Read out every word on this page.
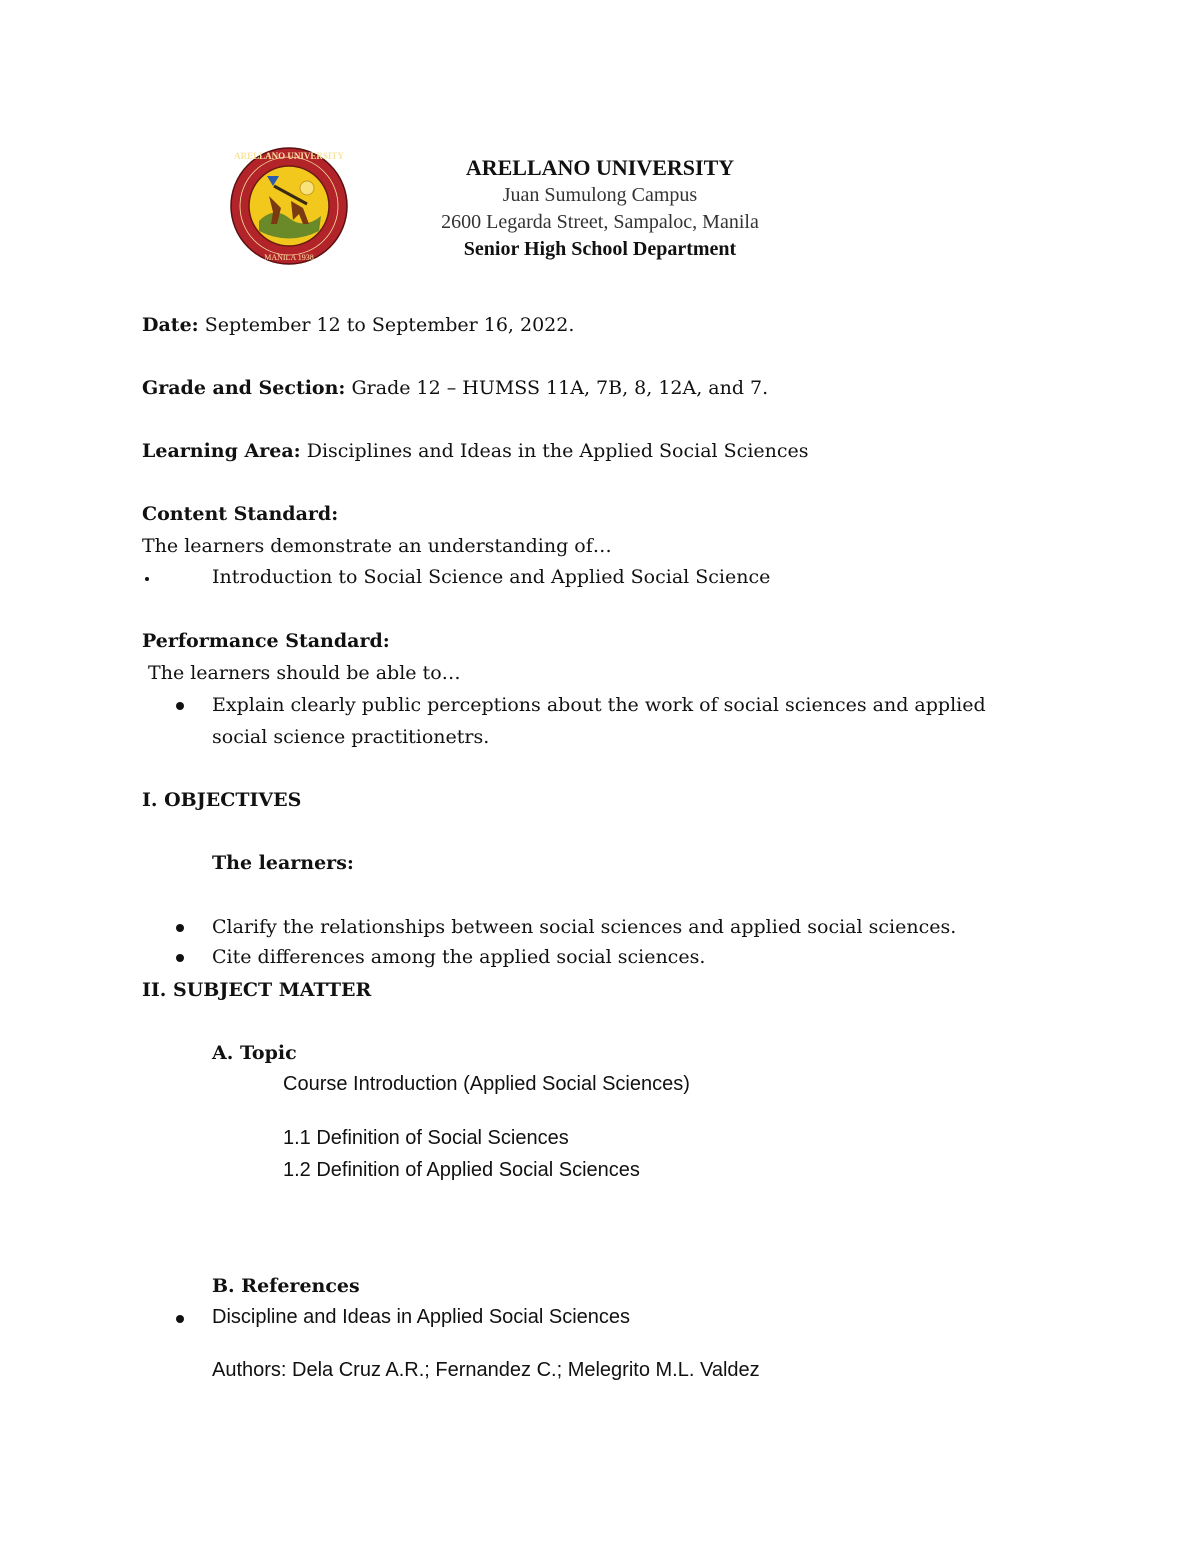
ARELLANO UNIVERSITY
MANILA 1938
ARELLANO UNIVERSITY
Juan Sumulong Campus
2600 Legarda Street, Sampaloc, Manila
Senior High School Department
Date: September 12 to September 16, 2022.
Grade and Section: Grade 12 – HUMSS 11A, 7B, 8, 12A, and 7.
Learning Area: Disciplines and Ideas in the Applied Social Sciences
Content Standard:
The learners demonstrate an understanding of…
Introduction to Social Science and Applied Social Science
Performance Standard:
The learners should be able to…
Explain clearly public perceptions about the work of social sciences and applied
social science practitionetrs.
I. OBJECTIVES
The learners:
Clarify the relationships between social sciences and applied social sciences.
Cite differences among the applied social sciences.
II. SUBJECT MATTER
A. Topic
Course Introduction (Applied Social Sciences)
1.1 Definition of Social Sciences
1.2 Definition of Applied Social Sciences
B. References
Discipline and Ideas in Applied Social Sciences
Authors: Dela Cruz A.R.; Fernandez C.; Melegrito M.L. Valdez
